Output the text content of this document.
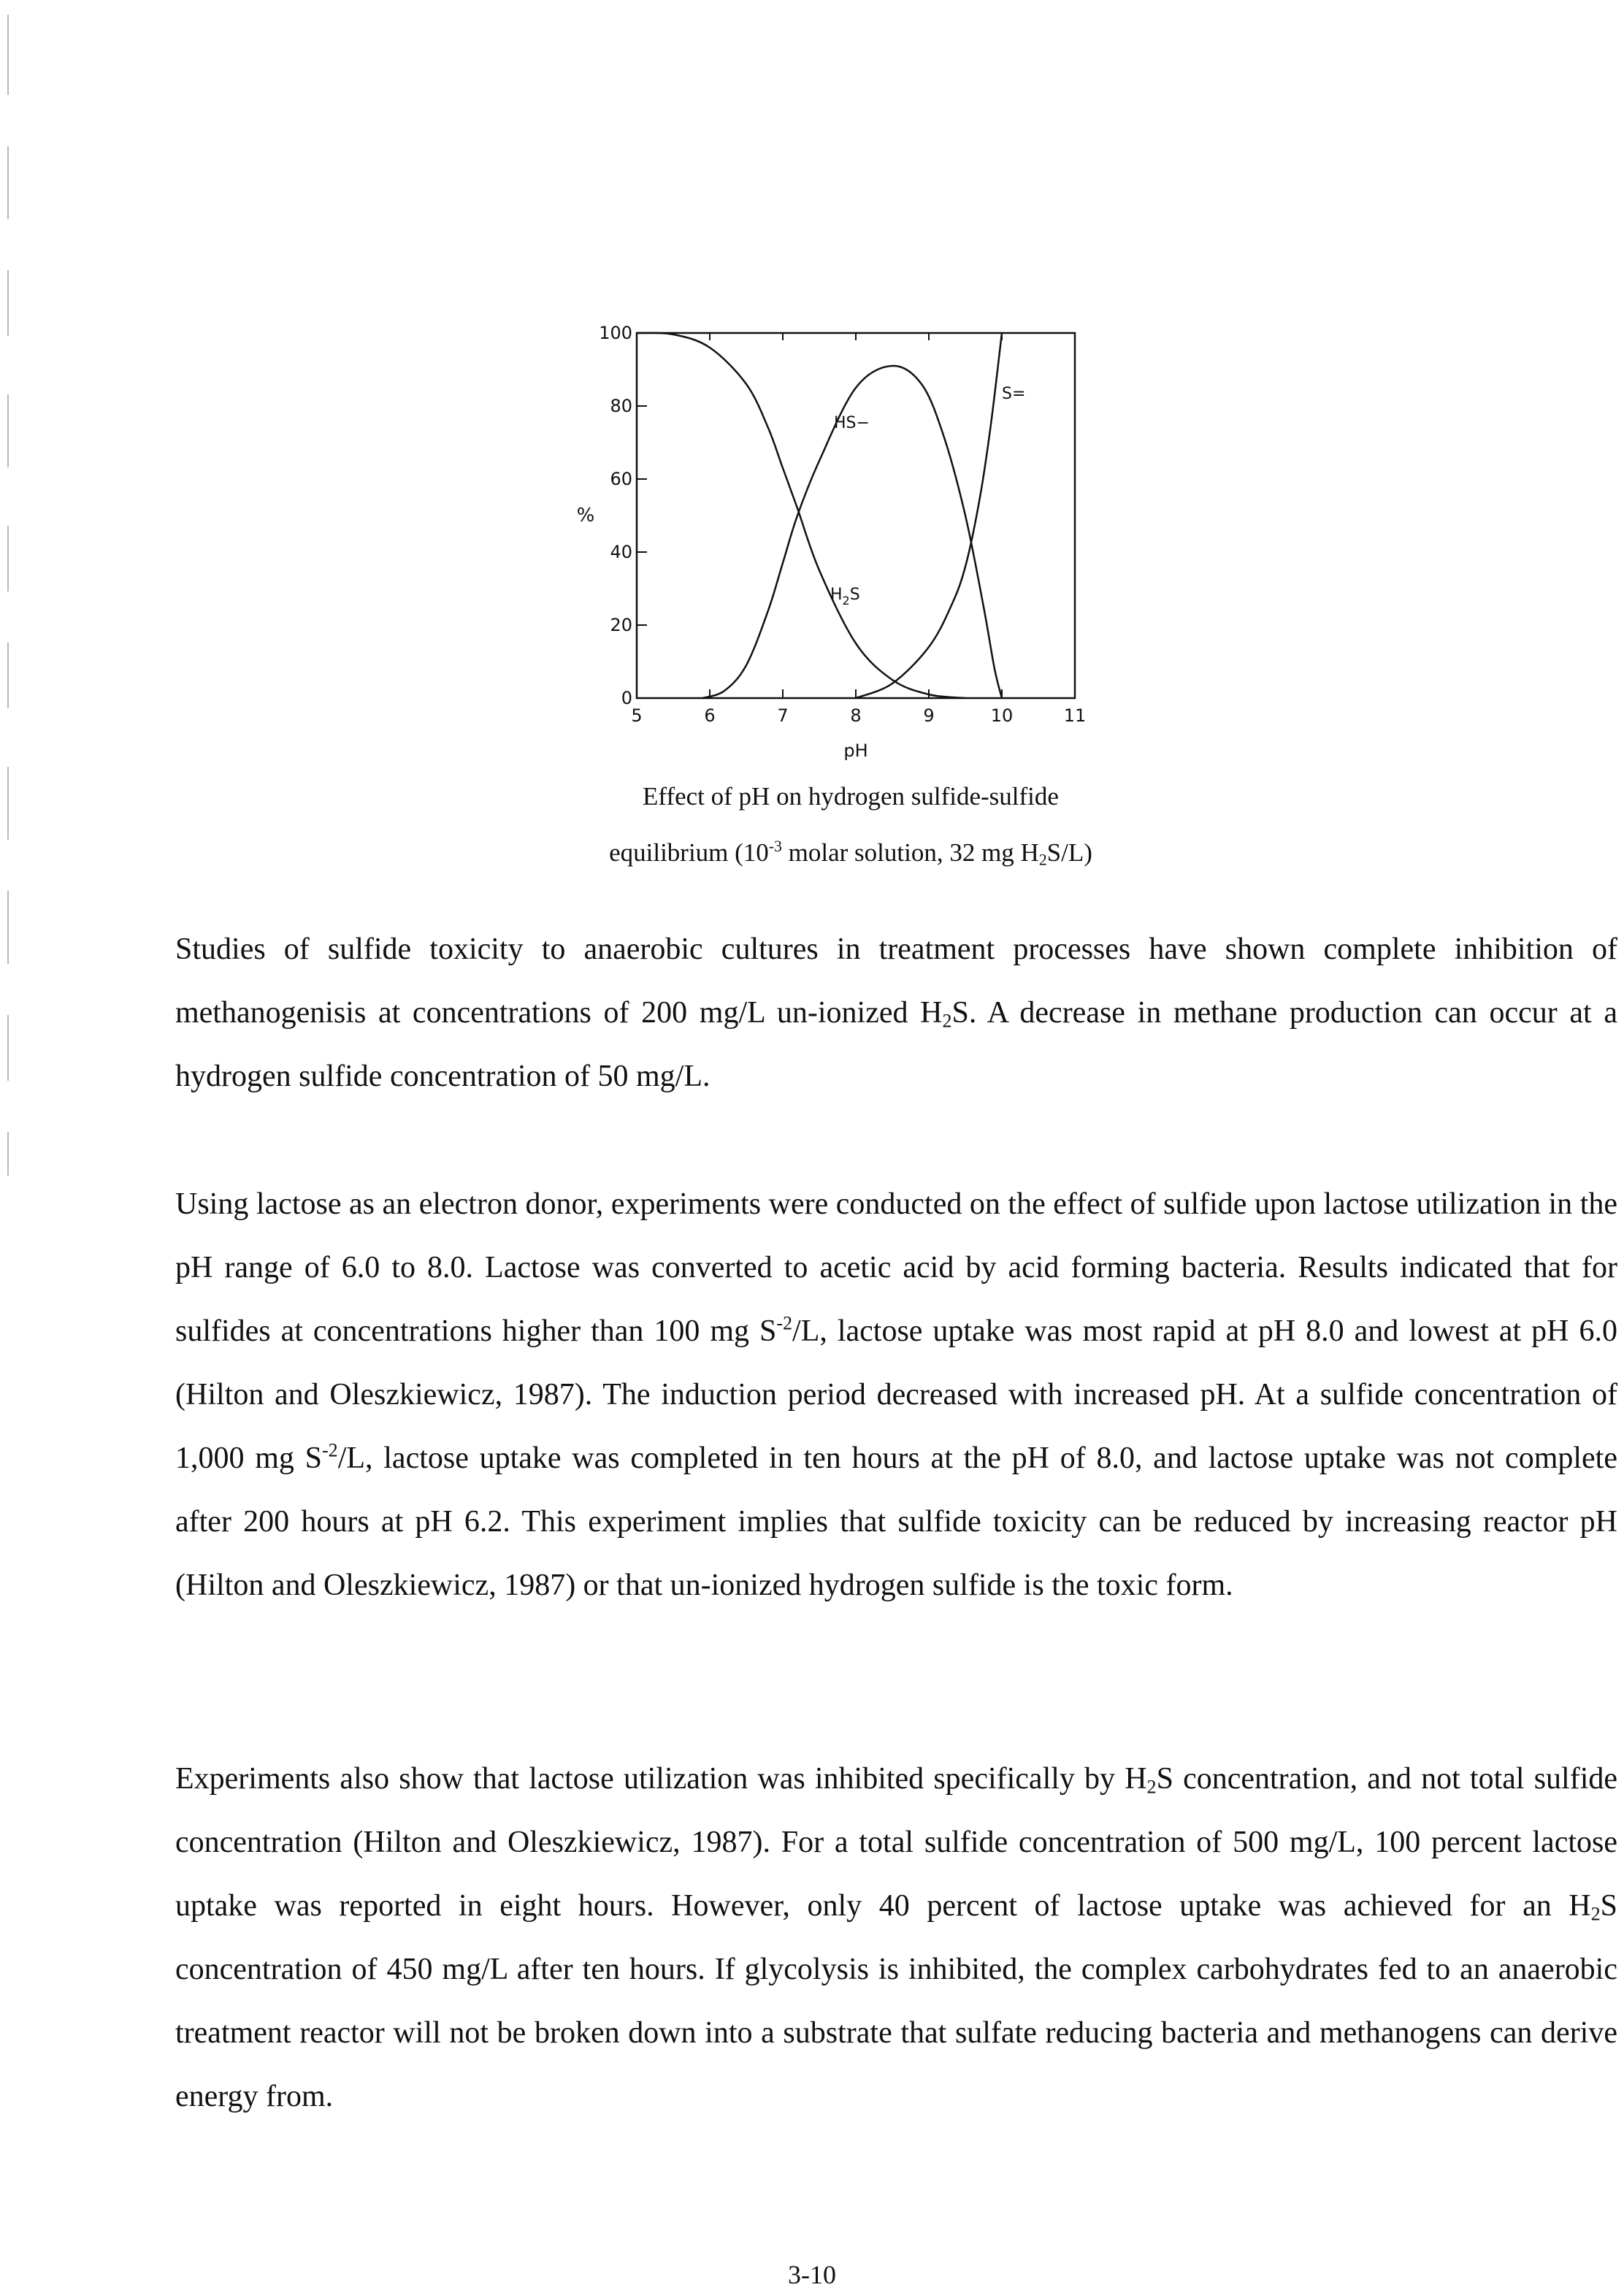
5	6	7	8	9	10	11
0
20
40
60
80
100
%
pH
$H_2S$
HS−
S=
Effect of pH on hydrogen sulfide-sulfide
equilibrium ($10^{-3}$ molar solution, 32 mg $H_2S/L$)

Studies of sulfide toxicity to anaerobic cultures in treatment processes have shown complete inhibition of methanogenisis at concentrations of 200 mg/L un-ionized $H_2S$. A decrease in methane production can occur at a hydrogen sulfide concentration of 50 mg/L.

Using lactose as an electron donor, experiments were conducted on the effect of sulfide upon lactose utilization in the pH range of 6.0 to 8.0. Lactose was converted to acetic acid by acid forming bacteria. Results indicated that for sulfides at concentrations higher than 100 mg $S^{-2}/L$, lactose uptake was most rapid at pH 8.0 and lowest at pH 6.0 (Hilton and Oleszkiewicz, 1987). The induction period decreased with increased pH. At a sulfide concentration of 1,000 mg $S^{-2}/L$, lactose uptake was completed in ten hours at the pH of 8.0, and lactose uptake was not complete after 200 hours at pH 6.2. This experiment implies that sulfide toxicity can be reduced by increasing reactor pH (Hilton and Oleszkiewicz, 1987) or that un-ionized hydrogen sulfide is the toxic form.

Experiments also show that lactose utilization was inhibited specifically by $H_2S$ concentration, and not total sulfide concentration (Hilton and Oleszkiewicz, 1987). For a total sulfide concentration of 500 mg/L, 100 percent lactose uptake was reported in eight hours. However, only 40 percent of lactose uptake was achieved for an $H_2S$ concentration of 450 mg/L after ten hours. If glycolysis is inhibited, the complex carbohydrates fed to an anaerobic treatment reactor will not be broken down into a substrate that sulfate reducing bacteria and methanogens can derive energy from.

3-10
